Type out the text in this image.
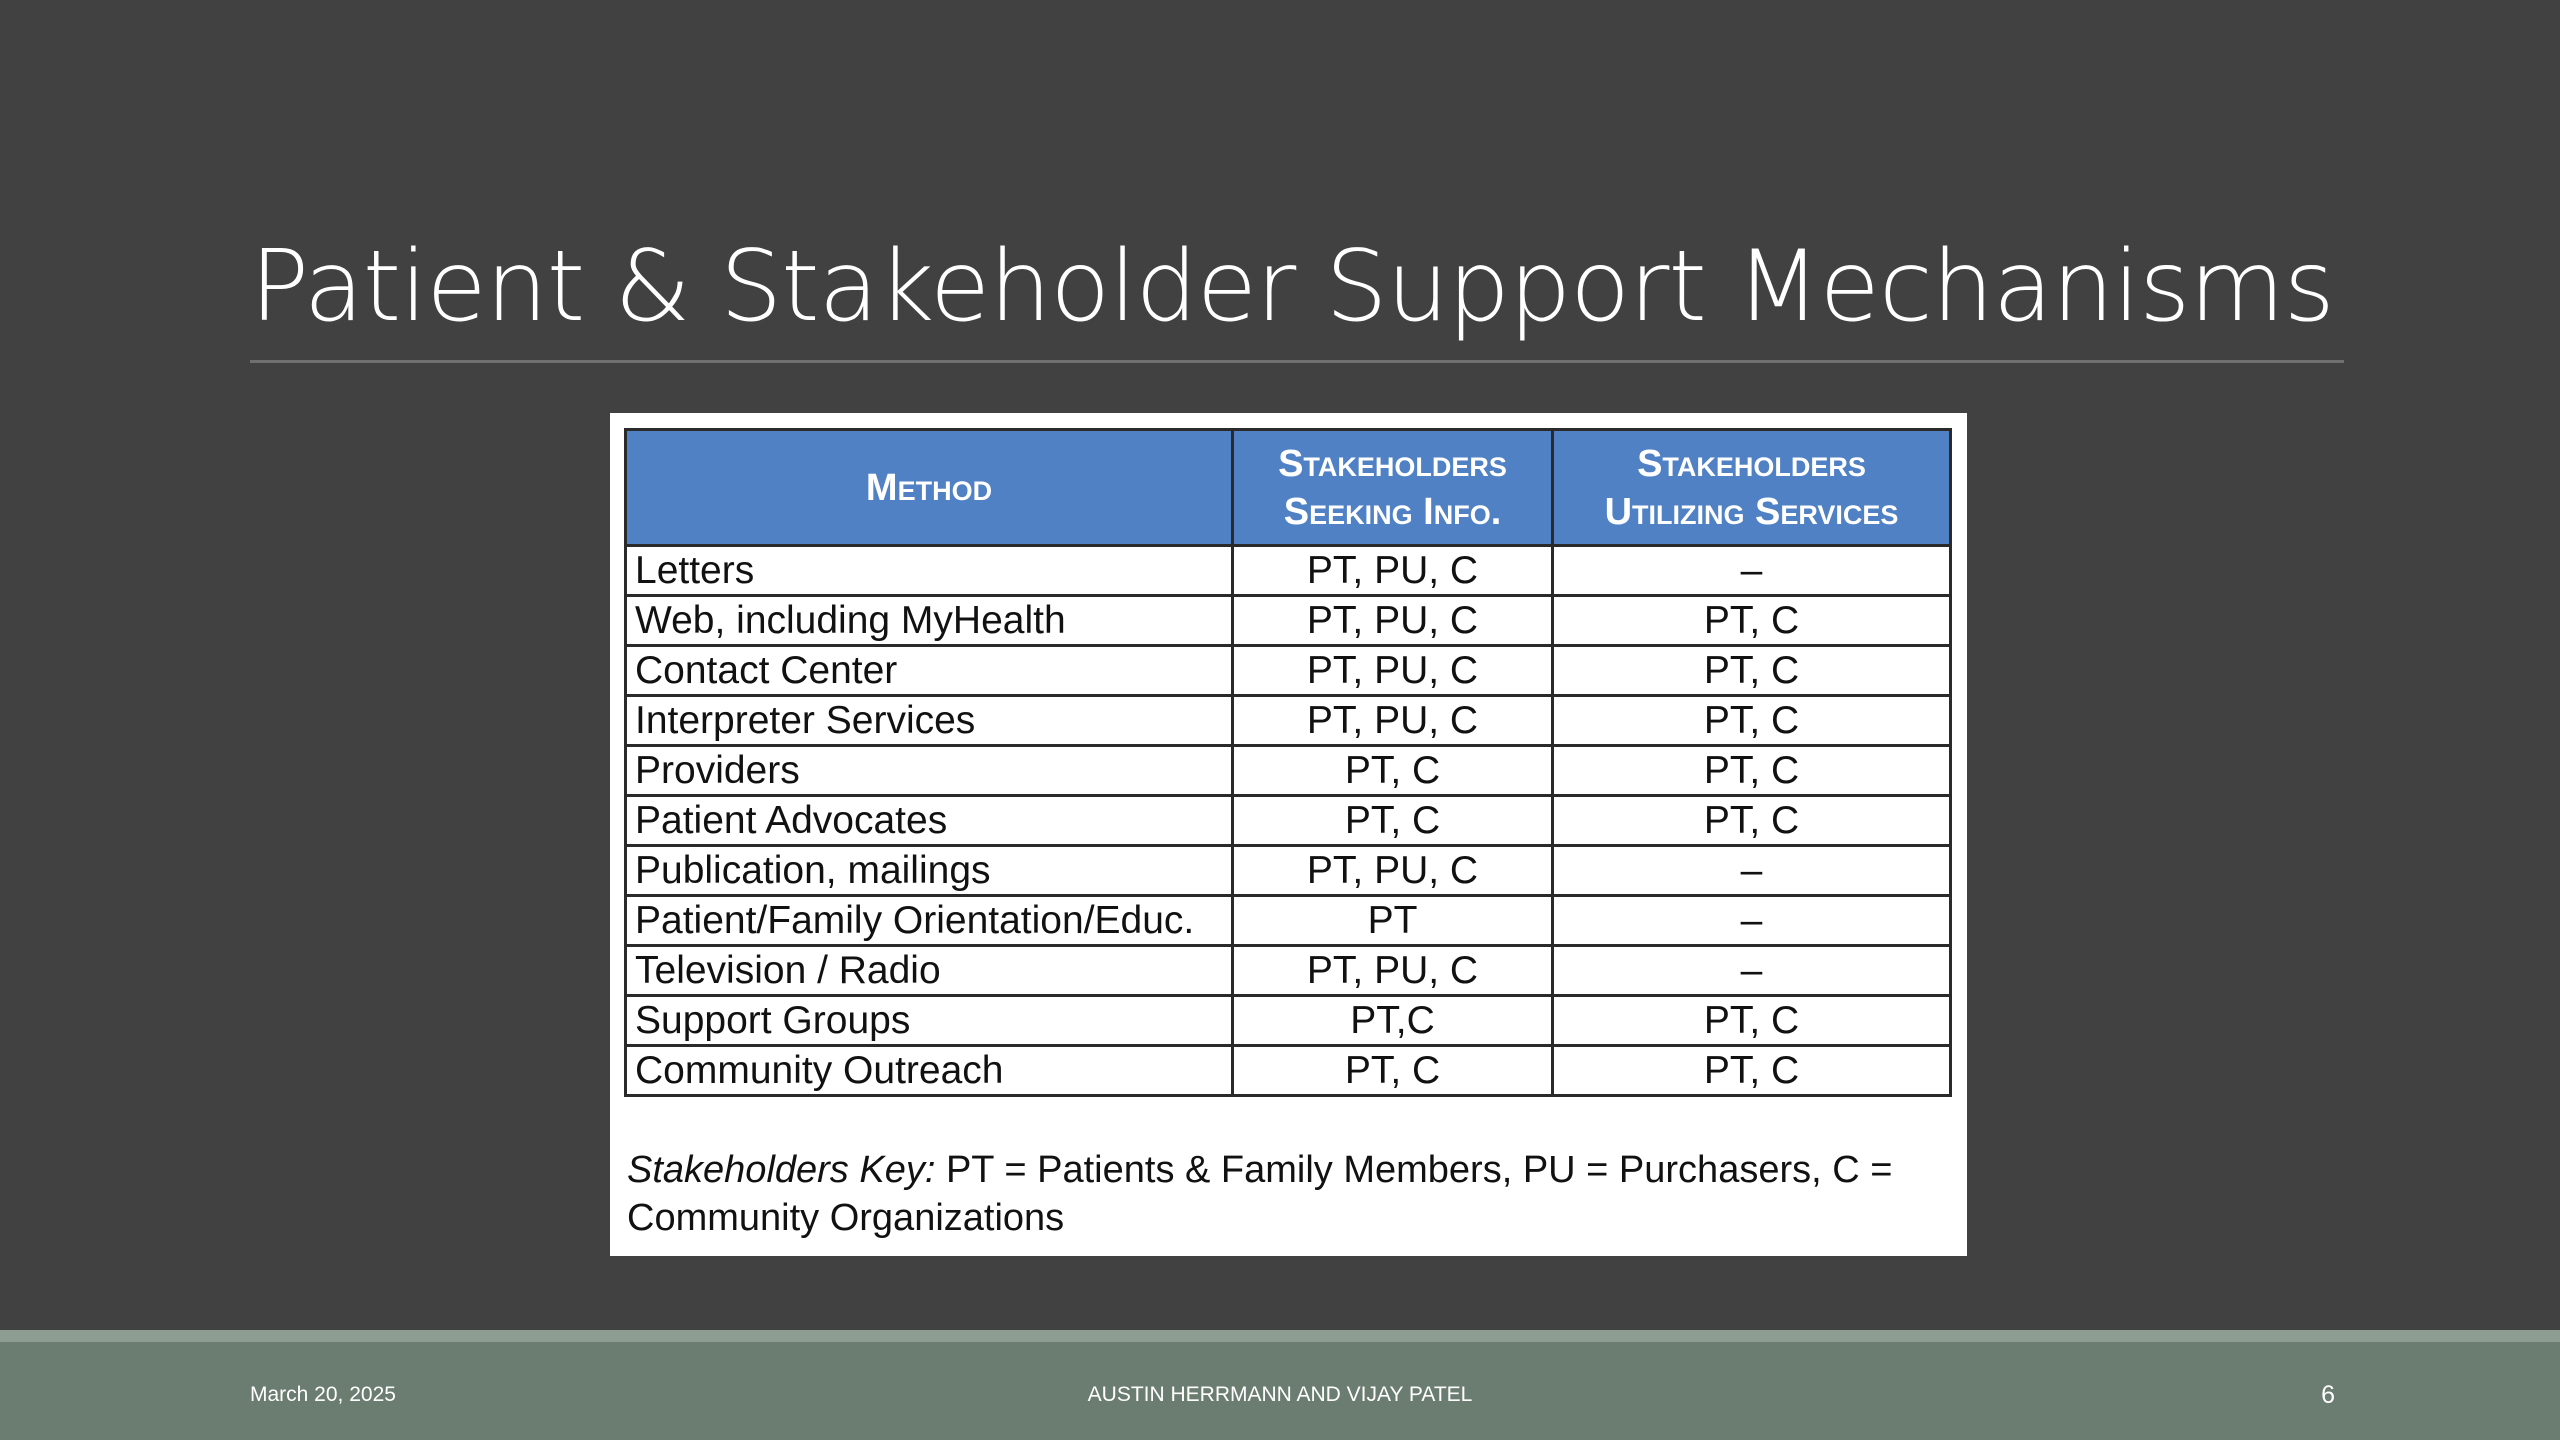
Patient & Stakeholder Support Mechanisms
Method	Stakeholders Seeking Info.	Stakeholders Utilizing Services
Letters	PT, PU, C	–
Web, including MyHealth	PT, PU, C	PT, C
Contact Center	PT, PU, C	PT, C
Interpreter Services	PT, PU, C	PT, C
Providers	PT, C	PT, C
Patient Advocates	PT, C	PT, C
Publication, mailings	PT, PU, C	–
Patient/Family Orientation/Educ.	PT	–
Television / Radio	PT, PU, C	–
Support Groups	PT,C	PT, C
Community Outreach	PT, C	PT, C
Stakeholders Key: PT = Patients & Family Members, PU = Purchasers, C = Community Organizations
March 20, 2025	AUSTIN HERRMANN AND VIJAY PATEL	6
